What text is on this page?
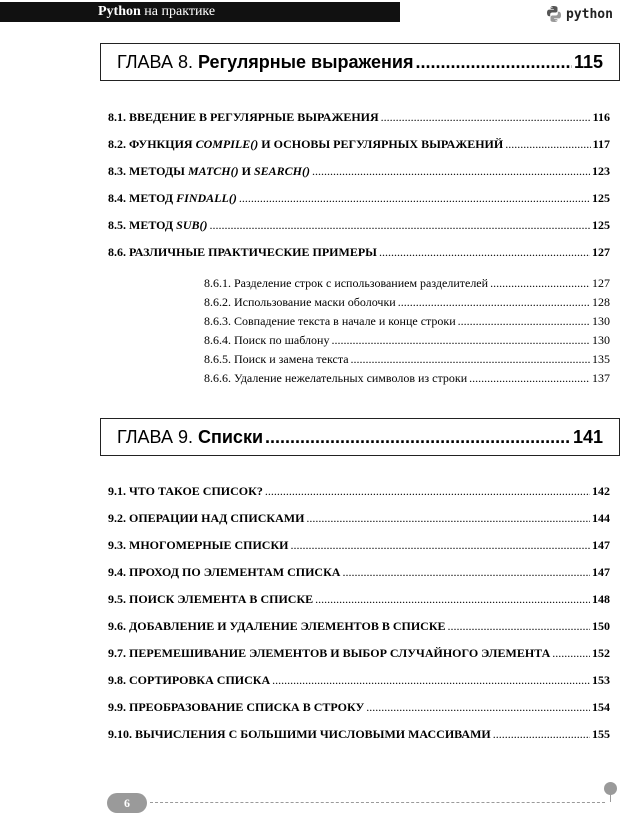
Python на практике	python
ГЛАВА 8.
Регулярные выражения .....	115
8.1. ВВЕДЕНИЕ В РЕГУЛЯРНЫЕ ВЫРАЖЕНИЯ .....	116
8.2. ФУНКЦИЯ COMPILE() И ОСНОВЫ РЕГУЛЯРНЫХ ВЫРАЖЕНИЙ .....	117
8.3. МЕТОДЫ MATCH() И SEARCH() .....	123
8.4. МЕТОД FINDALL() .....	125
8.5. МЕТОД SUB() .....	125
8.6. РАЗЛИЧНЫЕ ПРАКТИЧЕСКИЕ ПРИМЕРЫ .....	127
8.6.1. Разделение строк с использованием разделителей .....	127
8.6.2. Использование маски оболочки .....	128
8.6.3. Совпадение текста в начале и конце строки .....	130
8.6.4. Поиск по шаблону .....	130
8.6.5. Поиск и замена текста .....	135
8.6.6. Удаление нежелательных символов из строки .....	137
ГЛАВА 9.
Списки .....	141
9.1. ЧТО ТАКОЕ СПИСОК? .....	142
9.2. ОПЕРАЦИИ НАД СПИСКАМИ .....	144
9.3. МНОГОМЕРНЫЕ СПИСКИ .....	147
9.4. ПРОХОД ПО ЭЛЕМЕНТАМ СПИСКА .....	147
9.5. ПОИСК ЭЛЕМЕНТА В СПИСКЕ .....	148
9.6. ДОБАВЛЕНИЕ И УДАЛЕНИЕ ЭЛЕМЕНТОВ В СПИСКЕ .....	150
9.7. ПЕРЕМЕШИВАНИЕ ЭЛЕМЕНТОВ И ВЫБОР СЛУЧАЙНОГО ЭЛЕМЕНТА .....	152
9.8. СОРТИРОВКА СПИСКА .....	153
9.9. ПРЕОБРАЗОВАНИЕ СПИСКА В СТРОКУ .....	154
9.10. ВЫЧИСЛЕНИЯ С БОЛЬШИМИ ЧИСЛОВЫМИ МАССИВАМИ .....	155
6
